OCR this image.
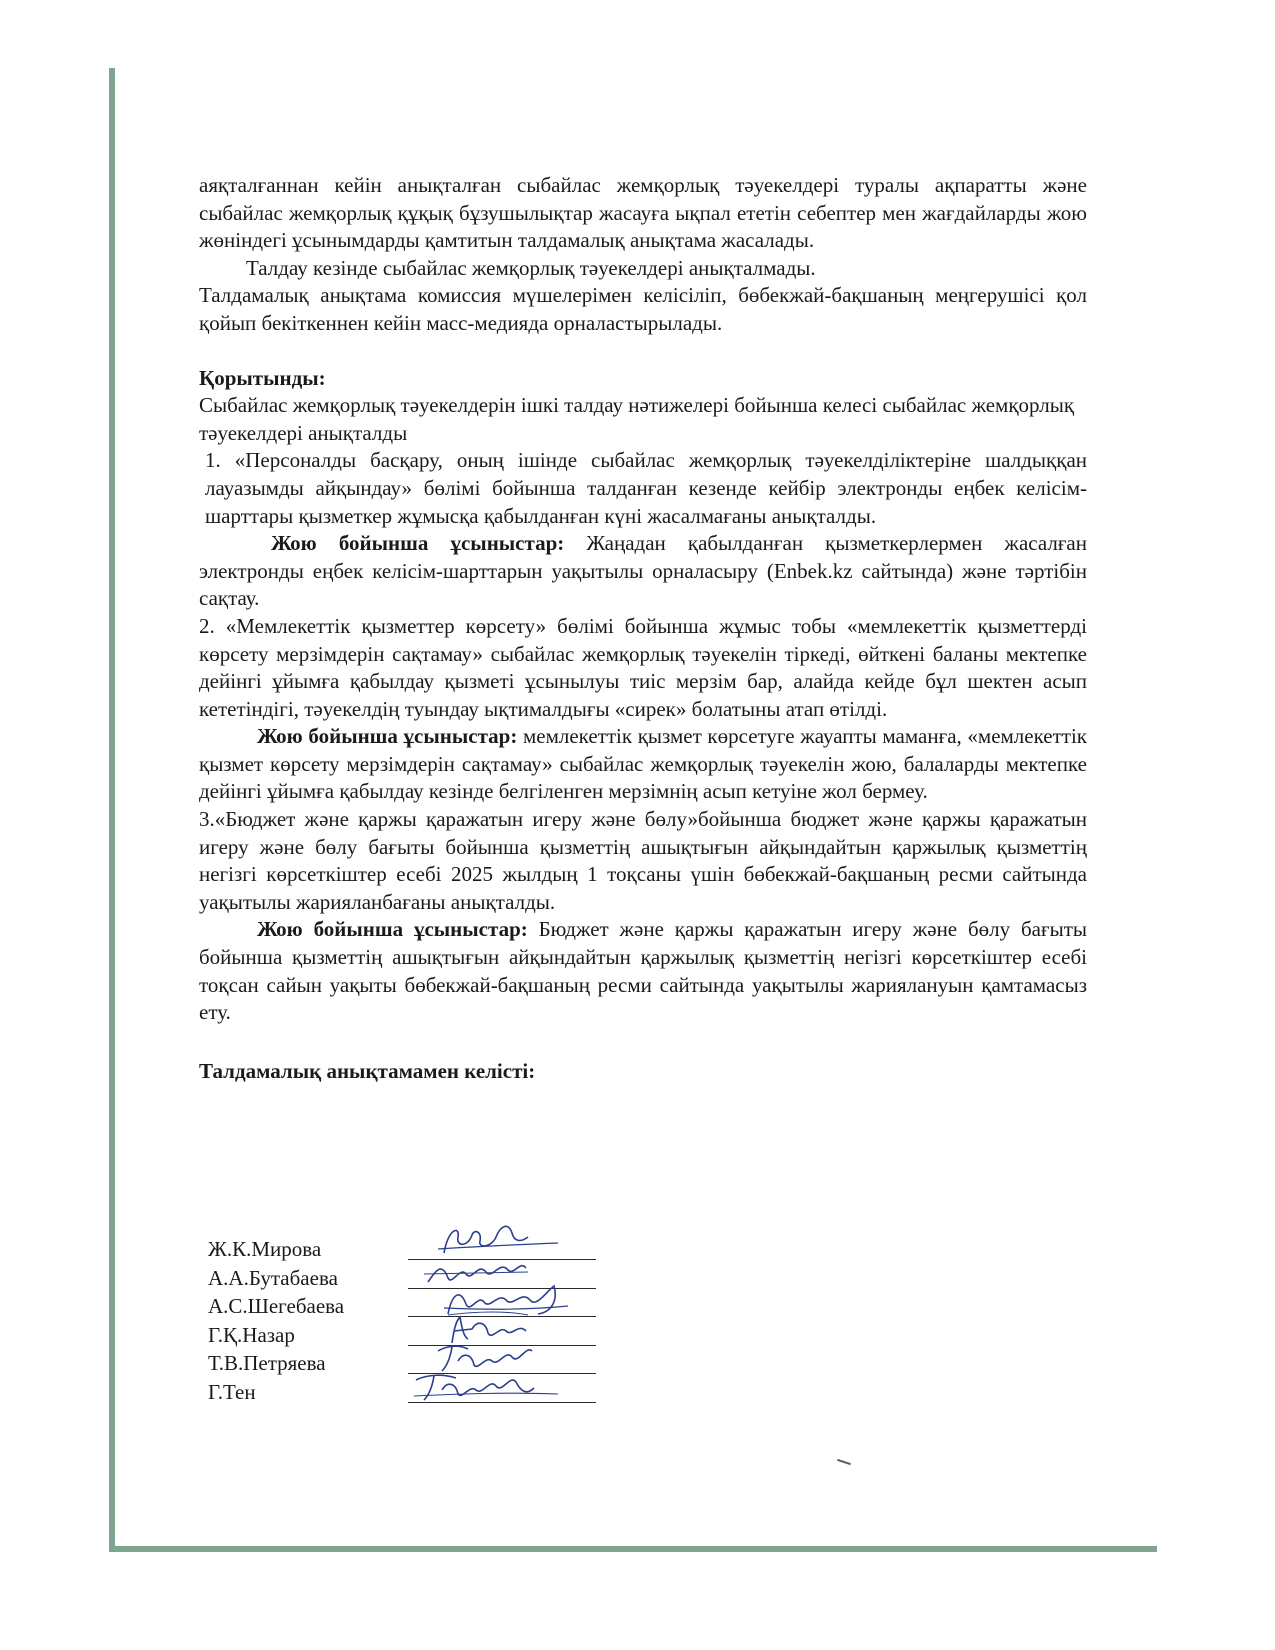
аяқталғаннан кейін анықталған сыбайлас жемқорлық тәуекелдері туралы ақпаратты және сыбайлас жемқорлық құқық бұзушылықтар жасауға ықпал ететін себептер мен жағдайларды жою жөніндегі ұсынымдарды қамтитын талдамалық анықтама жасалады.

Талдау кезінде сыбайлас жемқорлық тәуекелдері анықталмады.

Талдамалық анықтама комиссия мүшелерімен келісіліп, бөбекжай-бақшаның меңгерушісі қол қойып бекіткеннен кейін масс-медияда орналастырылады.

Қорытынды:

Сыбайлас жемқорлық тәуекелдерін ішкі талдау нәтижелері бойынша келесі сыбайлас жемқорлық тәуекелдері анықталды

1. «Персоналды басқару, оның ішінде сыбайлас жемқорлық тәуекелділіктеріне шалдыққан лауазымды айқындау» бөлімі бойынша талданған кезенде кейбір электронды еңбек келісім-шарттары қызметкер жұмысқа қабылданған күні жасалмағаны анықталды.

Жою бойынша ұсыныстар: Жаңадан қабылданған қызметкерлермен жасалған электронды еңбек келісім-шарттарын уақытылы орналасыру (Enbek.kz сайтында) және тәртібін сақтау.

2. «Мемлекеттік қызметтер көрсету» бөлімі бойынша жұмыс тобы «мемлекеттік қызметтерді көрсету мерзімдерін сақтамау» сыбайлас жемқорлық тәуекелін тіркеді, өйткені баланы мектепке дейінгі ұйымға қабылдау қызметі ұсынылуы тиіс мерзім бар, алайда кейде бұл шектен асып кететіндігі, тәуекелдің туындау ықтималдығы «сирек» болатыны атап өтілді.

Жою бойынша ұсыныстар: мемлекеттік қызмет көрсетуге жауапты маманға, «мемлекеттік қызмет көрсету мерзімдерін сақтамау» сыбайлас жемқорлық тәуекелін жою, балаларды мектепке дейінгі ұйымға қабылдау кезінде белгіленген мерзімнің асып кетуіне жол бермеу.

3.«Бюджет және қаржы қаражатын игеру және бөлу»бойынша бюджет және қаржы қаражатын игеру және бөлу бағыты бойынша қызметтің ашықтығын айқындайтын қаржылық қызметтің негізгі көрсеткіштер есебі 2025 жылдың 1 тоқсаны үшін бөбекжай-бақшаның ресми сайтында уақытылы жарияланбағаны анықталды.

Жою бойынша ұсыныстар: Бюджет және қаржы қаражатын игеру және бөлу бағыты бойынша қызметтің ашықтығын айқындайтын қаржылық қызметтің негізгі көрсеткіштер есебі тоқсан сайын уақыты бөбекжай-бақшаның ресми сайтында уақытылы жариялануын қамтамасыз ету.

Талдамалық анықтамамен келісті:

Ж.К.Мирова
А.А.Бутабаева
А.С.Шегебаева
Г.Қ.Назар
Т.В.Петряева
Г.Тен
